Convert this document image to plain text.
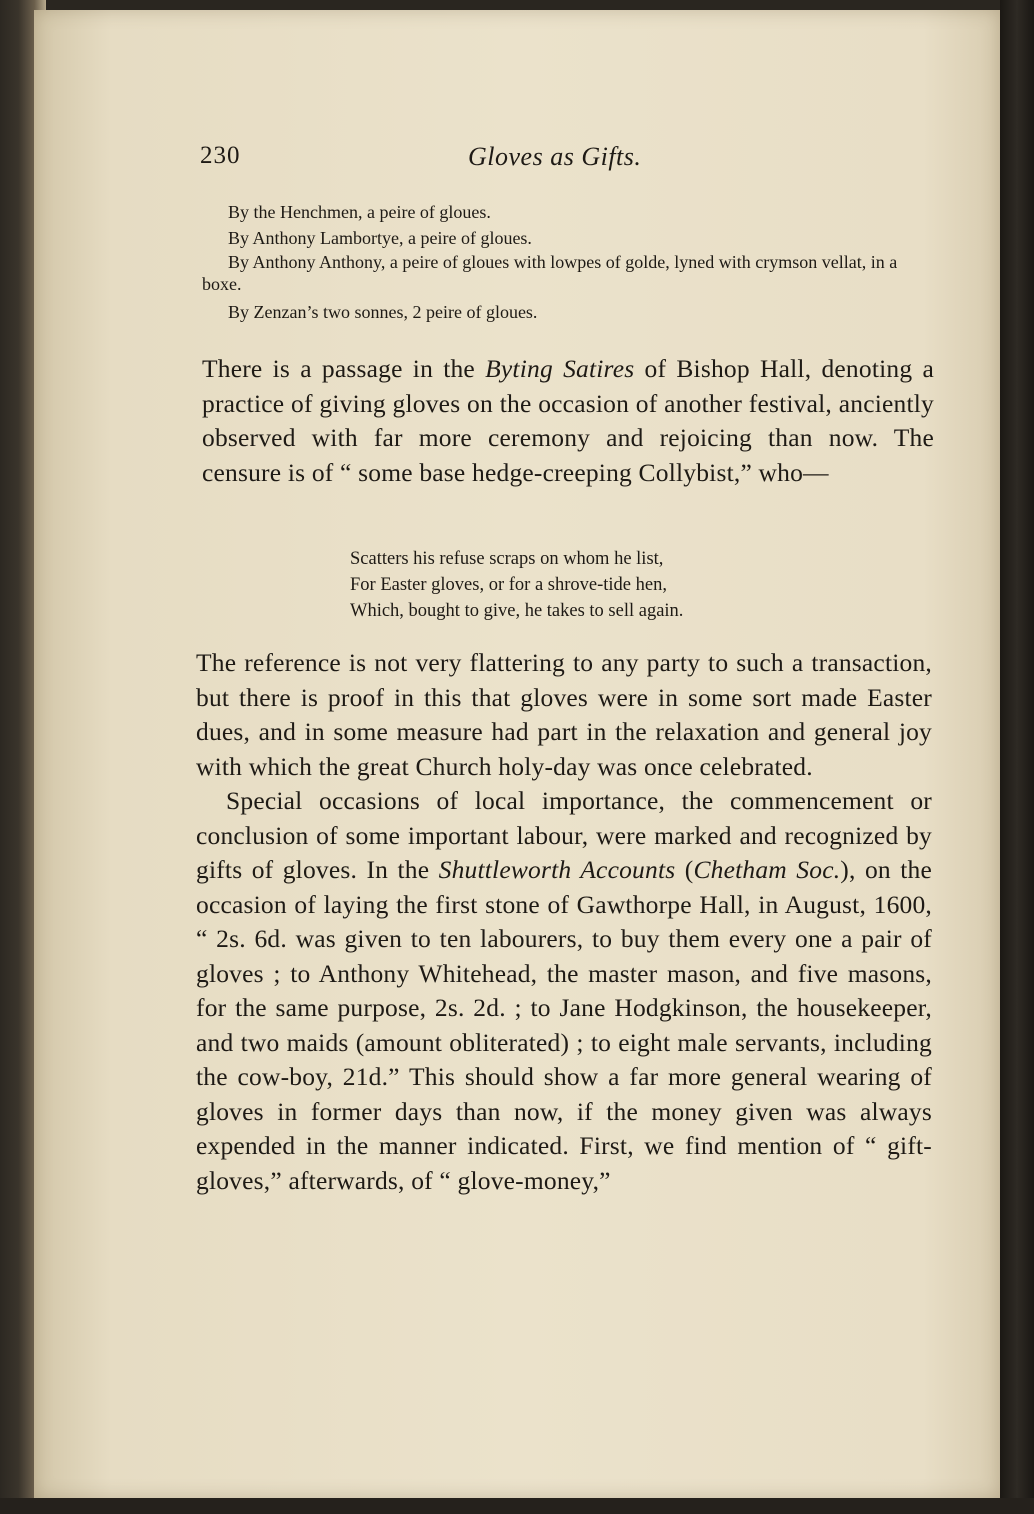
230	Gloves as Gifts.

By the Henchmen, a peire of gloues.

By Anthony Lambortye, a peire of gloues.

By Anthony Anthony, a peire of gloues with lowpes of golde, lyned with crymson vellat, in a boxe.

By Zenzan’s two sonnes, 2 peire of gloues.

There is a passage in the Byting Satires of Bishop Hall, denoting a practice of giving gloves on the occasion of another festival, anciently observed with far more ceremony and rejoicing than now. The censure is of “ some base hedge-creeping Collybist,” who—

Scatters his refuse scraps on whom he list,

For Easter gloves, or for a shrove-tide hen,

Which, bought to give, he takes to sell again.

The reference is not very flattering to any party to such a transaction, but there is proof in this that gloves were in some sort made Easter dues, and in some measure had part in the relaxation and general joy with which the great Church holy-day was once celebrated.

Special occasions of local importance, the commencement or conclusion of some important labour, were marked and recognized by gifts of gloves. In the Shuttleworth Accounts (Chetham Soc.), on the occasion of laying the first stone of Gawthorpe Hall, in August, 1600, “ 2s. 6d. was given to ten labourers, to buy them every one a pair of gloves ; to Anthony Whitehead, the master mason, and five masons, for the same purpose, 2s. 2d. ; to Jane Hodgkinson, the housekeeper, and two maids (amount obliterated) ; to eight male servants, including the cow-boy, 21d.” This should show a far more general wearing of gloves in former days than now, if the money given was always expended in the manner indicated. First, we find mention of “ gift-gloves,” afterwards, of “ glove-money,”
